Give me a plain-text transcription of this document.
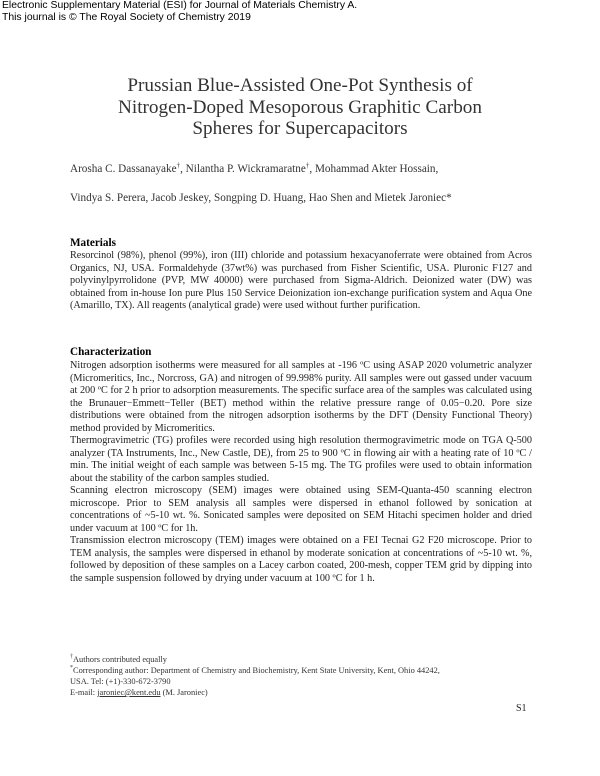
Electronic Supplementary Material (ESI) for Journal of Materials Chemistry A.
This journal is © The Royal Society of Chemistry 2019
Prussian Blue-Assisted One-Pot Synthesis of
Nitrogen-Doped Mesoporous Graphitic Carbon
Spheres for Supercapacitors
Arosha C. Dassanayake†, Nilantha P. Wickramaratne†, Mohammad Akter Hossain,
Vindya S. Perera, Jacob Jeskey, Songping D. Huang, Hao Shen and Mietek Jaroniec*
Materials

Resorcinol (98%), phenol (99%), iron (III) chloride and potassium hexacyanoferrate were obtained from Acros Organics, NJ, USA. Formaldehyde (37wt%) was purchased from Fisher Scientific, USA. Pluronic F127 and polyvinylpyrrolidone (PVP, MW 40000) were purchased from Sigma-Aldrich. Deionized water (DW) was obtained from in-house Ion pure Plus 150 Service Deionization ion-exchange purification system and Aqua One (Amarillo, TX). All reagents (analytical grade) were used without further purification.

Characterization

Nitrogen adsorption isotherms were measured for all samples at -196 ºC using ASAP 2020 volumetric analyzer (Micromeritics, Inc., Norcross, GA) and nitrogen of 99.998% purity. All samples were out gassed under vacuum at 200 ºC for 2 h prior to adsorption measurements. The specific surface area of the samples was calculated using the Brunauer−Emmett−Teller (BET) method within the relative pressure range of 0.05−0.20. Pore size distributions were obtained from the nitrogen adsorption isotherms by the DFT (Density Functional Theory) method provided by Micromeritics.

Thermogravimetric (TG) profiles were recorded using high resolution thermogravimetric mode on TGA Q-500 analyzer (TA Instruments, Inc., New Castle, DE), from 25 to 900 ºC in flowing air with a heating rate of 10 ºC / min. The initial weight of each sample was between 5-15 mg. The TG profiles were used to obtain information about the stability of the carbon samples studied.

Scanning electron microscopy (SEM) images were obtained using SEM-Quanta-450 scanning electron microscope. Prior to SEM analysis all samples were dispersed in ethanol followed by sonication at concentrations of ~5-10 wt. %. Sonicated samples were deposited on SEM Hitachi specimen holder and dried under vacuum at 100 ºC for 1h.

Transmission electron microscopy (TEM) images were obtained on a FEI Tecnai G2 F20 microscope. Prior to TEM analysis, the samples were dispersed in ethanol by moderate sonication at concentrations of ~5-10 wt. %, followed by deposition of these samples on a Lacey carbon coated, 200-mesh, copper TEM grid by dipping into the sample suspension followed by drying under vacuum at 100 ºC for 1 h.

†Authors contributed equally
*Corresponding author: Department of Chemistry and Biochemistry, Kent State University, Kent, Ohio 44242,
USA. Tel: (+1)-330-672-3790
E-mail: jaroniec@kent.edu (M. Jaroniec)
S1
